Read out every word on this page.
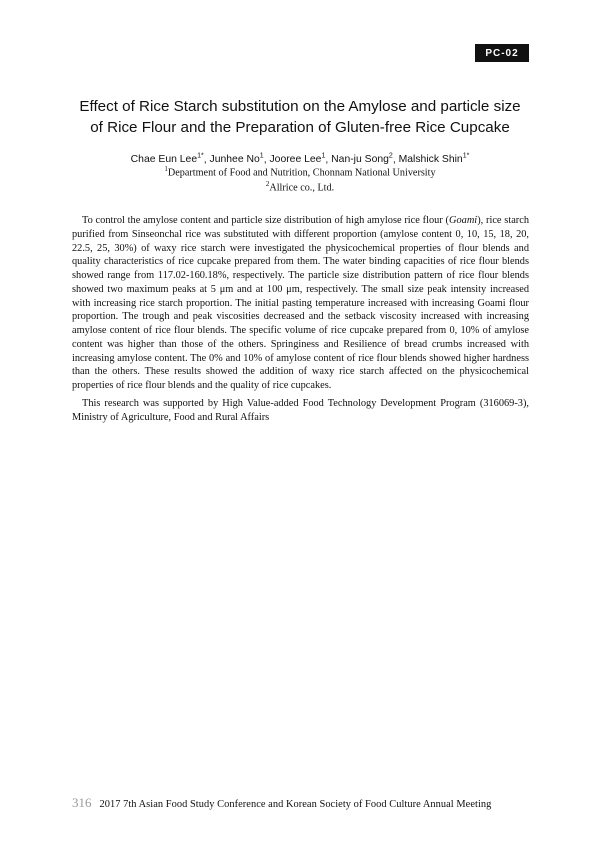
PC-02
Effect of Rice Starch substitution on the Amylose and particle size
of Rice Flour and the Preparation of Gluten-free Rice Cupcake
Chae Eun Lee$^{1*}$, Junhee No$^1$, Jooree Lee$^1$, Nan-ju Song$^2$, Malshick Shin$^{1*}$
$^1$Department of Food and Nutrition, Chonnam National University
$^2$Allrice co., Ltd.
To control the amylose content and particle size distribution of high amylose rice flour (Goami), rice starch
purified from Sinseonchal rice was substituted with different proportion (amylose content 0, 10, 15, 18, 20,
22.5, 25, 30%) of waxy rice starch were investigated the physicochemical properties of flour blends and
quality characteristics of rice cupcake prepared from them. The water binding capacities of rice flour blends
showed range from 117.02-160.18%, respectively. The particle size distribution pattern of rice flour blends
showed two maximum peaks at 5 μm and at 100 μm, respectively. The small size peak intensity increased
with increasing rice starch proportion. The initial pasting temperature increased with increasing Goami flour
proportion. The trough and peak viscosities decreased and the setback viscosity increased with increasing
amylose content of rice flour blends. The specific volume of rice cupcake prepared from 0, 10% of amylose
content was higher than those of the others. Springiness and Resilience of bread crumbs increased with
increasing amylose content. The 0% and 10% of amylose content of rice flour blends showed higher hardness
than the others. These results showed the addition of waxy rice starch affected on the physicochemical
properties of rice flour blends and the quality of rice cupcakes.
This research was supported by High Value-added Food Technology Development Program (316069-3),
Ministry of Agriculture, Food and Rural Affairs
316 2017 7th Asian Food Study Conference and Korean Society of Food Culture Annual Meeting
